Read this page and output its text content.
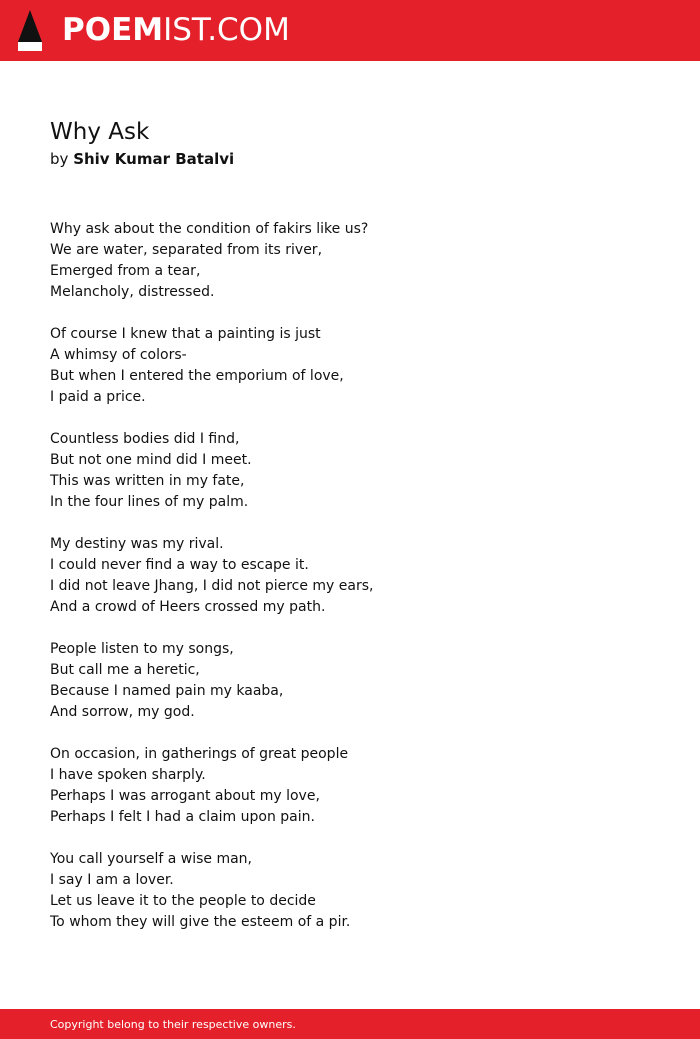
POEMIST.COM
Why Ask
by Shiv Kumar Batalvi
Why ask about the condition of fakirs like us?
We are water, separated from its river,
Emerged from a tear,
Melancholy, distressed.
Of course I knew that a painting is just
A whimsy of colors-
But when I entered the emporium of love,
I paid a price.
Countless bodies did I find,
But not one mind did I meet.
This was written in my fate,
In the four lines of my palm.
My destiny was my rival.
I could never find a way to escape it.
I did not leave Jhang, I did not pierce my ears,
And a crowd of Heers crossed my path.
People listen to my songs,
But call me a heretic,
Because I named pain my kaaba,
And sorrow, my god.
On occasion, in gatherings of great people
I have spoken sharply.
Perhaps I was arrogant about my love,
Perhaps I felt I had a claim upon pain.
You call yourself a wise man,
I say I am a lover.
Let us leave it to the people to decide
To whom they will give the esteem of a pir.
Copyright belong to their respective owners.
